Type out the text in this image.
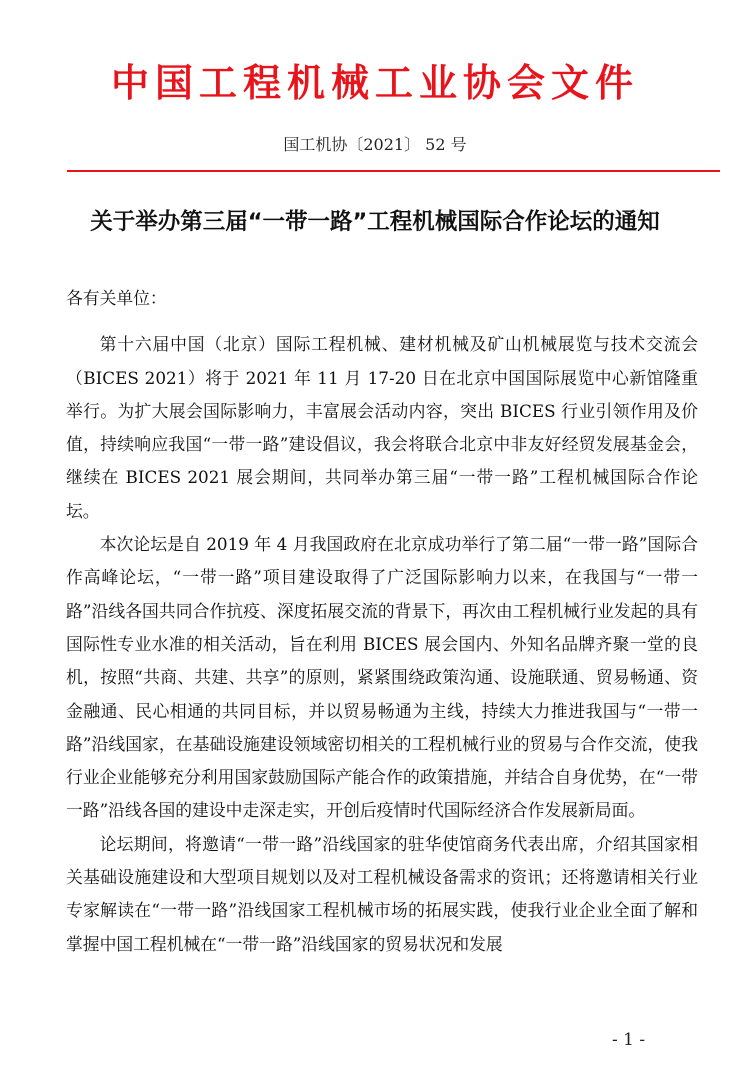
中国工程机械工业协会文件
国工机协〔2021〕 52 号
关于举办第三届“一带一路”工程机械国际合作论坛的通知

各有关单位：

第十六届中国（北京）国际工程机械、建材机械及矿山机械展览与技术交流会（BICES 2021）将于 2021 年 11 月 17-20 日在北京中国国际展览中心新馆隆重举行。为扩大展会国际影响力，丰富展会活动内容，突出 BICES 行业引领作用及价值，持续响应我国“一带一路”建设倡议，我会将联合北京中非友好经贸发展基金会，继续在 BICES 2021 展会期间，共同举办第三届“一带一路”工程机械国际合作论坛。

本次论坛是自 2019 年 4 月我国政府在北京成功举行了第二届“一带一路”国际合作高峰论坛，“一带一路”项目建设取得了广泛国际影响力以来，在我国与“一带一路”沿线各国共同合作抗疫、深度拓展交流的背景下，再次由工程机械行业发起的具有国际性专业水准的相关活动，旨在利用 BICES 展会国内、外知名品牌齐聚一堂的良机，按照“共商、共建、共享”的原则，紧紧围绕政策沟通、设施联通、贸易畅通、资金融通、民心相通的共同目标，并以贸易畅通为主线，持续大力推进我国与“一带一路”沿线国家，在基础设施建设领域密切相关的工程机械行业的贸易与合作交流，使我行业企业能够充分利用国家鼓励国际产能合作的政策措施，并结合自身优势，在“一带一路”沿线各国的建设中走深走实，开创后疫情时代国际经济合作发展新局面。

论坛期间，将邀请“一带一路”沿线国家的驻华使馆商务代表出席，介绍其国家相关基础设施建设和大型项目规划以及对工程机械设备需求的资讯；还将邀请相关行业专家解读在“一带一路”沿线国家工程机械市场的拓展实践，使我行业企业全面了解和掌握中国工程机械在“一带一路”沿线国家的贸易状况和发展

- 1 -
